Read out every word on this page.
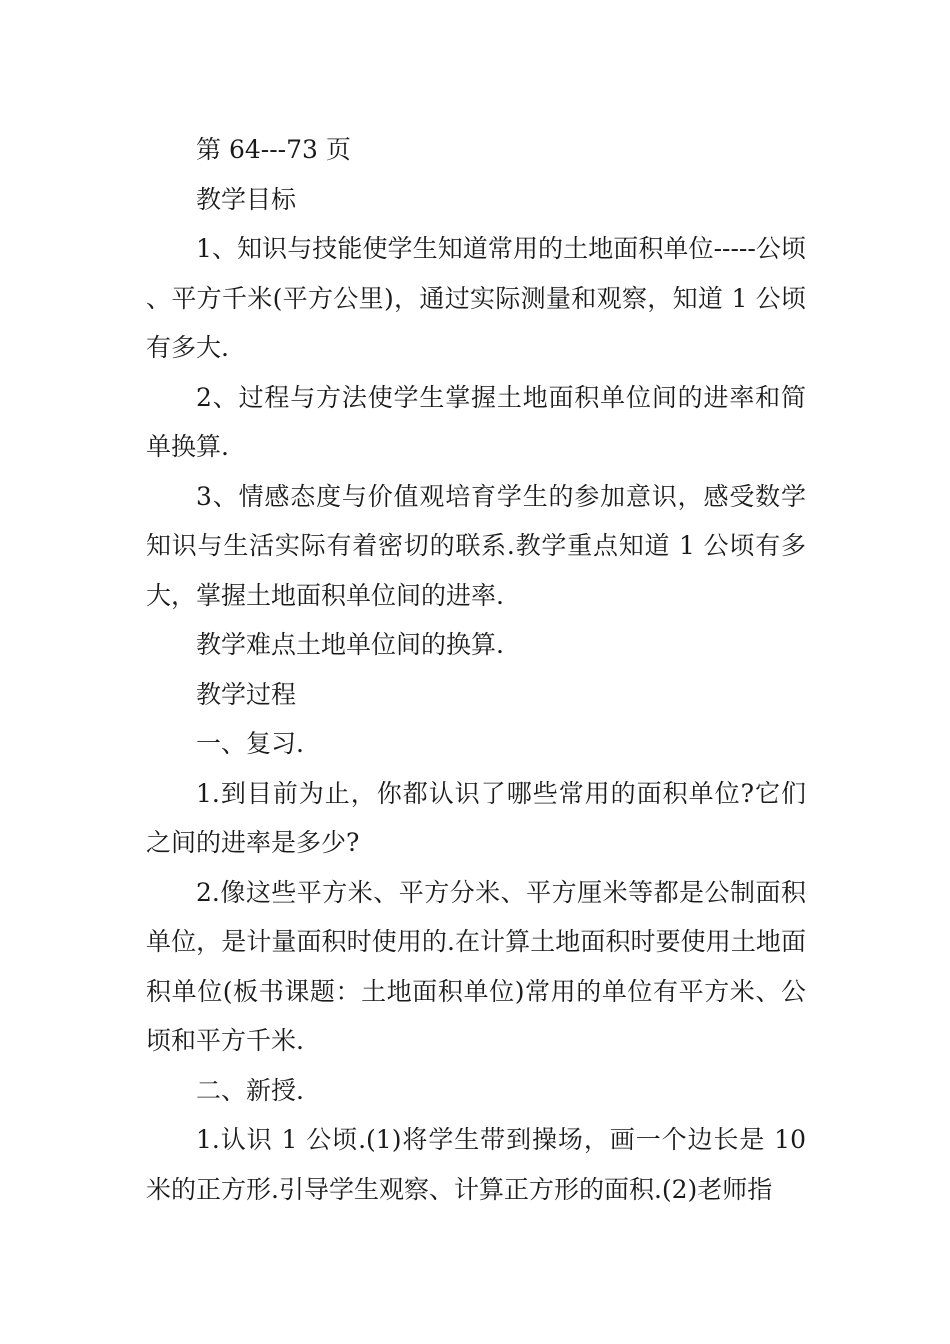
第 64---73 页

教学目标

1、知识与技能使学生知道常用的土地面积单位-----公顷、平方千米(平方公里)，通过实际测量和观察，知道 1 公顷有多大.

2、过程与方法使学生掌握土地面积单位间的进率和简单换算.

3、情感态度与价值观培育学生的参加意识，感受数学知识与生活实际有着密切的联系.教学重点知道 1 公顷有多大，掌握土地面积单位间的进率.

教学难点土地单位间的换算.

教学过程

一、复习.

1.到目前为止，你都认识了哪些常用的面积单位?它们之间的进率是多少?

2.像这些平方米、平方分米、平方厘米等都是公制面积单位，是计量面积时使用的.在计算土地面积时要使用土地面积单位(板书课题：土地面积单位)常用的单位有平方米、公顷和平方千米.

二、新授.

1.认识 1 公顷.(1)将学生带到操场，画一个边长是 10 米的正方形.引导学生观察、计算正方形的面积.(2)老师指
